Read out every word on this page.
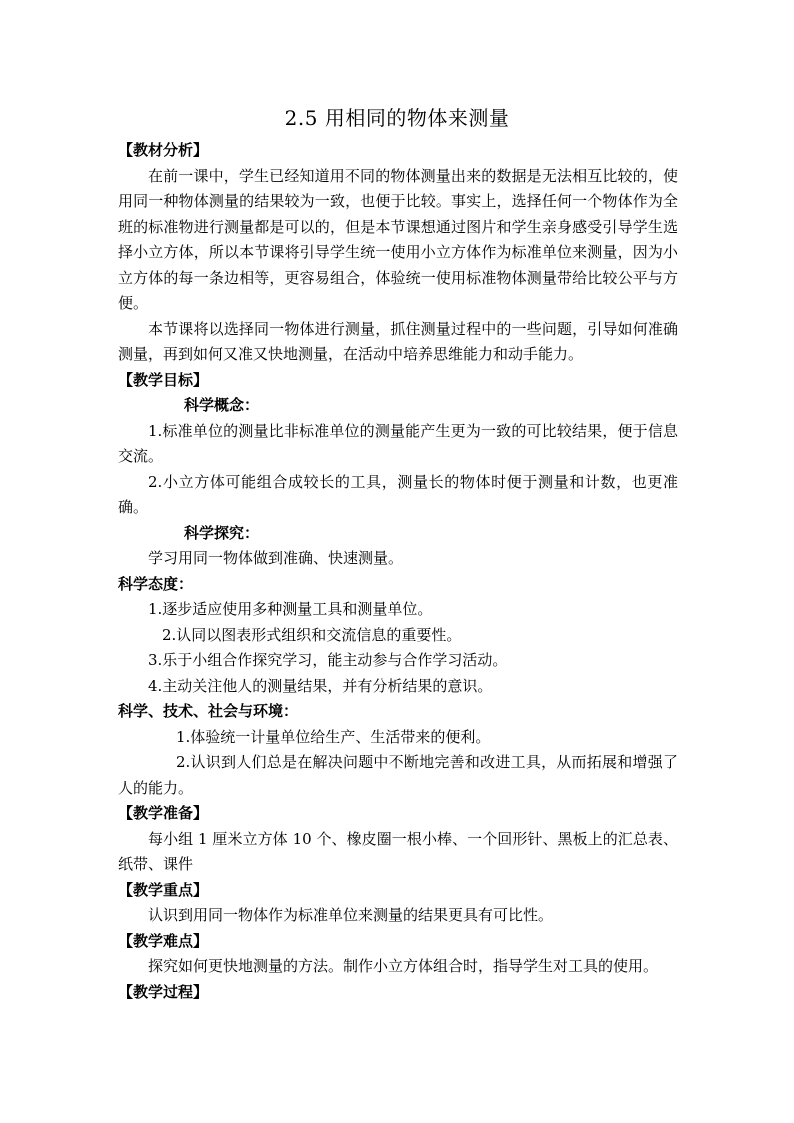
2.5 用相同的物体来测量

【教材分析】

在前一课中，学生已经知道用不同的物体测量出来的数据是无法相互比较的，使用同一种物体测量的结果较为一致，也便于比较。事实上，选择任何一个物体作为全班的标准物进行测量都是可以的，但是本节课想通过图片和学生亲身感受引导学生选择小立方体，所以本节课将引导学生统一使用小立方体作为标准单位来测量，因为小立方体的每一条边相等，更容易组合，体验统一使用标准物体测量带给比较公平与方便。

本节课将以选择同一物体进行测量，抓住测量过程中的一些问题，引导如何准确测量，再到如何又准又快地测量，在活动中培养思维能力和动手能力。

【教学目标】

科学概念：

1.标准单位的测量比非标准单位的测量能产生更为一致的可比较结果，便于信息交流。

2.小立方体可能组合成较长的工具，测量长的物体时便于测量和计数，也更准确。

科学探究：

学习用同一物体做到准确、快速测量。

科学态度：

1.逐步适应使用多种测量工具和测量单位。

2.认同以图表形式组织和交流信息的重要性。

3.乐于小组合作探究学习，能主动参与合作学习活动。

4.主动关注他人的测量结果，并有分析结果的意识。

科学、技术、社会与环境：

1.体验统一计量单位给生产、生活带来的便利。

2.认识到人们总是在解决问题中不断地完善和改进工具，从而拓展和增强了人的能力。

【教学准备】

每小组 1 厘米立方体 10 个、橡皮圈一根小棒、一个回形针、黑板上的汇总表、纸带、课件

【教学重点】

认识到用同一物体作为标准单位来测量的结果更具有可比性。

【教学难点】

探究如何更快地测量的方法。制作小立方体组合时，指导学生对工具的使用。

【教学过程】
